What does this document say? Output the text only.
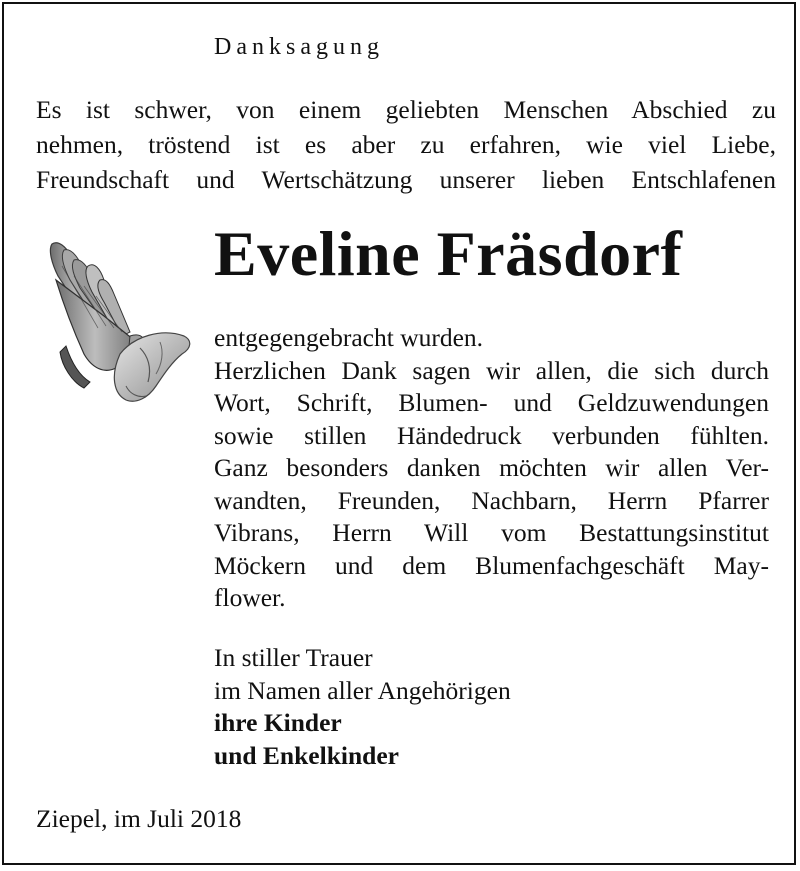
Danksagung

Es ist schwer, von einem geliebten Menschen Abschied zu
nehmen, tröstend ist es aber zu erfahren, wie viel Liebe,
Freundschaft und Wertschätzung unserer lieben Entschlafenen

Eveline Fräsdorf

entgegengebracht wurden.
Herzlichen Dank sagen wir allen, die sich durch
Wort, Schrift, Blumen- und Geldzuwendungen
sowie stillen Händedruck verbunden fühlten.
Ganz besonders danken möchten wir allen Ver-
wandten, Freunden, Nachbarn, Herrn Pfarrer
Vibrans, Herrn Will vom Bestattungsinstitut
Möckern und dem Blumenfachgeschäft May-
flower.

In stiller Trauer
im Namen aller Angehörigen
ihre Kinder
und Enkelkinder

Ziepel, im Juli 2018
